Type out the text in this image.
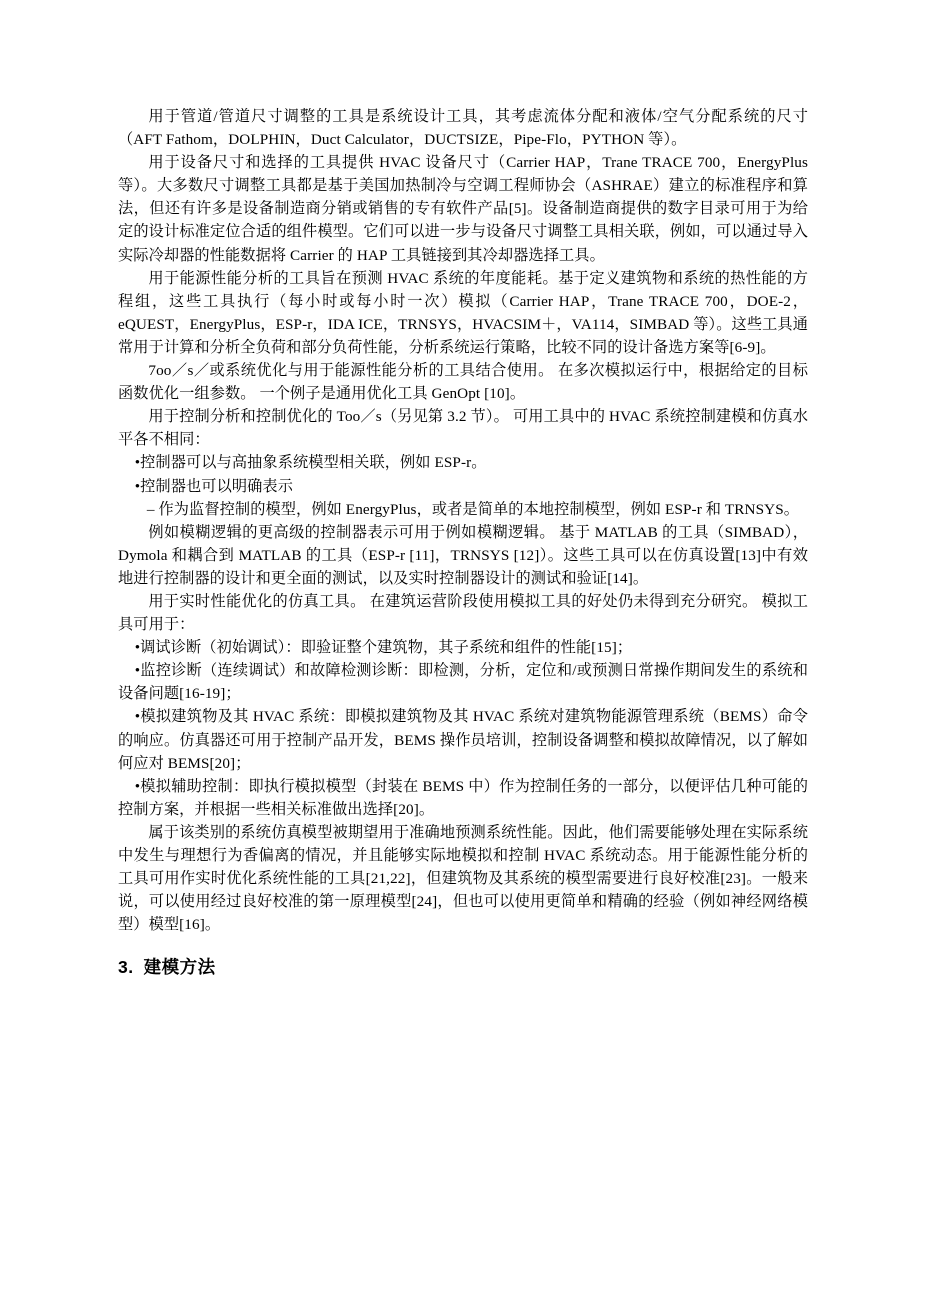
用于管道/管道尺寸调整的工具是系统设计工具，其考虑流体分配和液体/空气分配系统的尺寸（AFT Fathom，DOLPHIN，Duct Calculator，DUCTSIZE，Pipe-Flo，PYTHON 等）。

用于设备尺寸和选择的工具提供 HVAC 设备尺寸（Carrier HAP，Trane TRACE 700，EnergyPlus 等）。大多数尺寸调整工具都是基于美国加热制冷与空调工程师协会（ASHRAE）建立的标准程序和算法，但还有许多是设备制造商分销或销售的专有软件产品[5]。设备制造商提供的数字目录可用于为给定的设计标准定位合适的组件模型。它们可以进一步与设备尺寸调整工具相关联，例如，可以通过导入实际冷却器的性能数据将 Carrier 的 HAP 工具链接到其冷却器选择工具。

用于能源性能分析的工具旨在预测 HVAC 系统的年度能耗。基于定义建筑物和系统的热性能的方程组，这些工具执行（每小时或每小时一次）模拟（Carrier HAP，Trane TRACE 700，DOE-2，eQUEST，EnergyPlus，ESP-r，IDA ICE，TRNSYS，HVACSIM＋，VA114，SIMBAD 等）。这些工具通常用于计算和分析全负荷和部分负荷性能，分析系统运行策略，比较不同的设计备选方案等[6-9]。

7oo／s／或系统优化与用于能源性能分析的工具结合使用。 在多次模拟运行中，根据给定的目标函数优化一组参数。 一个例子是通用优化工具 GenOpt [10]。

用于控制分析和控制优化的 Too／s（另见第 3.2 节）。 可用工具中的 HVAC 系统控制建模和仿真水平各不相同：

•控制器可以与高抽象系统模型相关联，例如 ESP-r。

•控制器也可以明确表示

– 作为监督控制的模型，例如 EnergyPlus，或者是简单的本地控制模型，例如 ESP-r 和 TRNSYS。

例如模糊逻辑的更高级的控制器表示可用于例如模糊逻辑。 基于 MATLAB 的工具（SIMBAD），Dymola 和耦合到 MATLAB 的工具（ESP-r [11]，TRNSYS [12]）。这些工具可以在仿真设置[13]中有效地进行控制器的设计和更全面的测试，以及实时控制器设计的测试和验证[14]。

用于实时性能优化的仿真工具。 在建筑运营阶段使用模拟工具的好处仍未得到充分研究。 模拟工具可用于：

•调试诊断（初始调试）：即验证整个建筑物，其子系统和组件的性能[15]；

•监控诊断（连续调试）和故障检测诊断：即检测，分析，定位和/或预测日常操作期间发生的系统和设备问题[16-19]；

•模拟建筑物及其 HVAC 系统：即模拟建筑物及其 HVAC 系统对建筑物能源管理系统（BEMS）命令的响应。仿真器还可用于控制产品开发，BEMS 操作员培训，控制设备调整和模拟故障情况，以了解如何应对 BEMS[20]；

•模拟辅助控制：即执行模拟模型（封装在 BEMS 中）作为控制任务的一部分，以便评估几种可能的控制方案，并根据一些相关标准做出选择[20]。

属于该类别的系统仿真模型被期望用于准确地预测系统性能。因此，他们需要能够处理在实际系统中发生与理想行为香偏离的情况，并且能够实际地模拟和控制 HVAC 系统动态。用于能源性能分析的工具可用作实时优化系统性能的工具[21,22]，但建筑物及其系统的模型需要进行良好校准[23]。一般来说，可以使用经过良好校准的第一原理模型[24]，但也可以使用更简单和精确的经验（例如神经网络模型）模型[16]。

3. 建模方法
